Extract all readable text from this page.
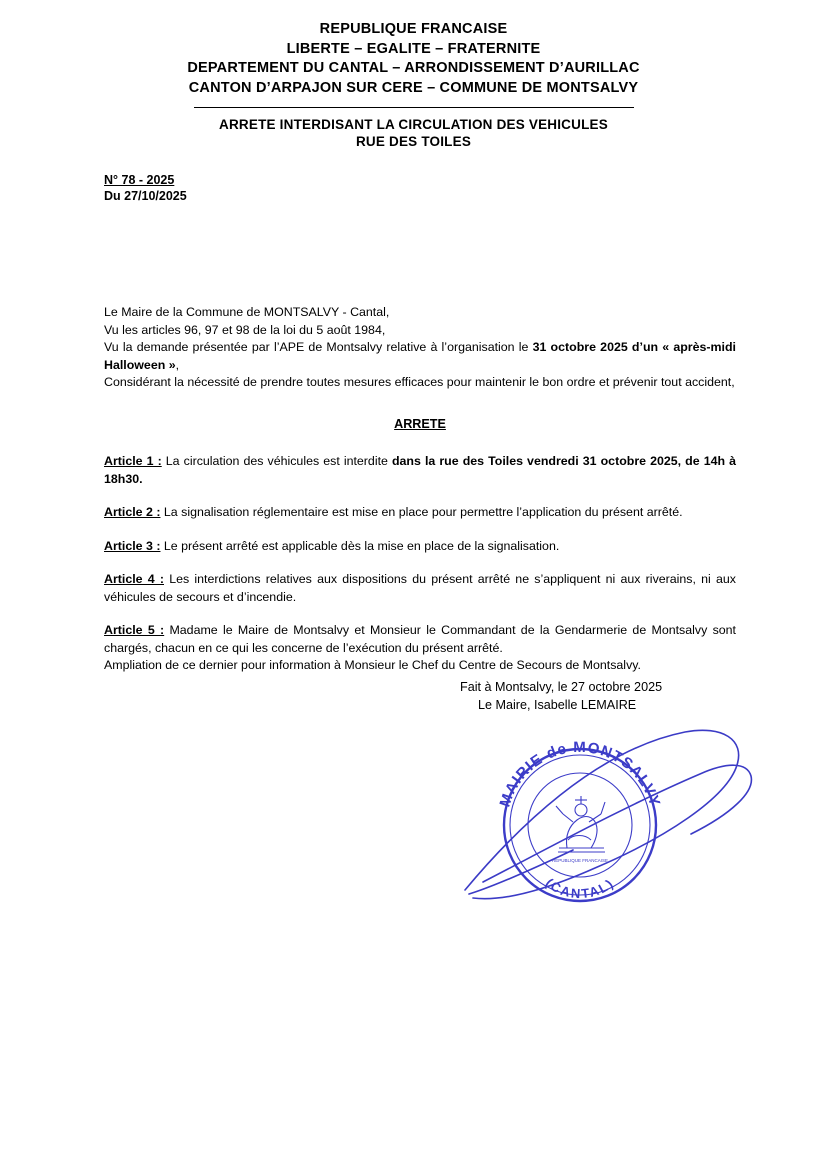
REPUBLIQUE FRANCAISE
LIBERTE – EGALITE – FRATERNITE
DEPARTEMENT DU CANTAL – ARRONDISSEMENT D’AURILLAC
CANTON D’ARPAJON SUR CERE – COMMUNE DE MONTSALVY
ARRETE INTERDISANT LA CIRCULATION DES VEHICULES
RUE DES TOILES
N° 78 - 2025
Du 27/10/2025

Le Maire de la Commune de MONTSALVY - Cantal,

Vu les articles 96, 97 et 98 de la loi du 5 août 1984,

Vu la demande présentée par l’APE de Montsalvy relative à l’organisation le 31 octobre 2025 d’un « après-midi Halloween »,

Considérant la nécessité de prendre toutes mesures efficaces pour maintenir le bon ordre et prévenir tout accident,

ARRETE

Article 1 : La circulation des véhicules est interdite dans la rue des Toiles vendredi 31 octobre 2025, de 14h à 18h30.

Article 2 : La signalisation réglementaire est mise en place pour permettre l’application du présent arrêté.

Article 3 : Le présent arrêté est applicable dès la mise en place de la signalisation.

Article 4 : Les interdictions relatives aux dispositions du présent arrêté ne s’appliquent ni aux riverains, ni aux véhicules de secours et d’incendie.

Article 5 : Madame le Maire de Montsalvy et Monsieur le Commandant de la Gendarmerie de Montsalvy sont chargés, chacun en ce qui les concerne de l’exécution du présent arrêté.
Ampliation de ce dernier pour information à Monsieur le Chef du Centre de Secours de Montsalvy.

Fait à Montsalvy, le 27 octobre 2025
Le Maire, Isabelle LEMAIRE
MAIRIE de MONTSALVY
(CANTAL)
REPUBLIQUE FRANCAISE
